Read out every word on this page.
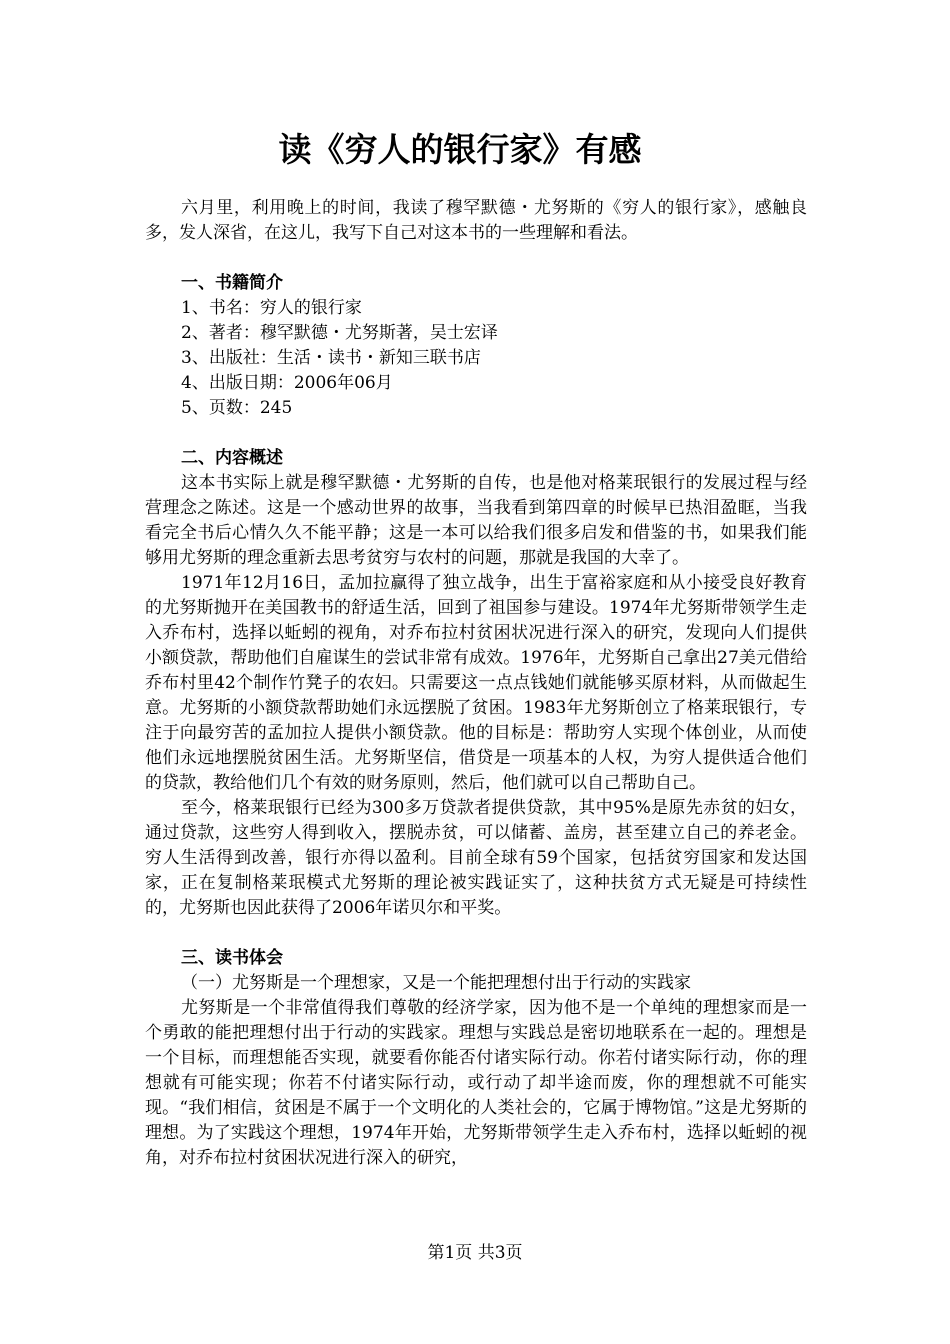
读《穷人的银行家》有感

六月里，利用晚上的时间，我读了穆罕默德・尤努斯的《穷人的银行家》，感触良多，发人深省，在这儿，我写下自己对这本书的一些理解和看法。

一、书籍简介

1、书名：穷人的银行家

2、著者：穆罕默德・尤努斯著，吴士宏译

3、出版社：生活・读书・新知三联书店

4、出版日期：2006年06月

5、页数：245

二、内容概述

这本书实际上就是穆罕默德・尤努斯的自传，也是他对格莱珉银行的发展过程与经营理念之陈述。这是一个感动世界的故事，当我看到第四章的时候早已热泪盈眶，当我看完全书后心情久久不能平静；这是一本可以给我们很多启发和借鉴的书，如果我们能够用尤努斯的理念重新去思考贫穷与农村的问题，那就是我国的大幸了。

1971年12月16日，孟加拉赢得了独立战争，出生于富裕家庭和从小接受良好教育的尤努斯抛开在美国教书的舒适生活，回到了祖国参与建设。1974年尤努斯带领学生走入乔布村，选择以蚯蚓的视角，对乔布拉村贫困状况进行深入的研究，发现向人们提供小额贷款，帮助他们自雇谋生的尝试非常有成效。1976年，尤努斯自己拿出27美元借给乔布村里42个制作竹凳子的农妇。只需要这一点点钱她们就能够买原材料，从而做起生意。尤努斯的小额贷款帮助她们永远摆脱了贫困。1983年尤努斯创立了格莱珉银行，专注于向最穷苦的孟加拉人提供小额贷款。他的目标是：帮助穷人实现个体创业，从而使他们永远地摆脱贫困生活。尤努斯坚信，借贷是一项基本的人权，为穷人提供适合他们的贷款，教给他们几个有效的财务原则，然后，他们就可以自己帮助自己。

至今，格莱珉银行已经为300多万贷款者提供贷款，其中95%是原先赤贫的妇女，通过贷款，这些穷人得到收入，摆脱赤贫，可以储蓄、盖房，甚至建立自己的养老金。穷人生活得到改善，银行亦得以盈利。目前全球有59个国家，包括贫穷国家和发达国家，正在复制格莱珉模式尤努斯的理论被实践证实了，这种扶贫方式无疑是可持续性的，尤努斯也因此获得了2006年诺贝尔和平奖。

三、读书体会

（一）尤努斯是一个理想家，又是一个能把理想付出于行动的实践家

尤努斯是一个非常值得我们尊敬的经济学家，因为他不是一个单纯的理想家而是一个勇敢的能把理想付出于行动的实践家。理想与实践总是密切地联系在一起的。理想是一个目标，而理想能否实现，就要看你能否付诸实际行动。你若付诸实际行动，你的理想就有可能实现；你若不付诸实际行动，或行动了却半途而废，你的理想就不可能实现。“我们相信，贫困是不属于一个文明化的人类社会的，它属于博物馆。”这是尤努斯的理想。为了实践这个理想，1974年开始，尤努斯带领学生走入乔布村，选择以蚯蚓的视角，对乔布拉村贫困状况进行深入的研究，

第1页 共3页
